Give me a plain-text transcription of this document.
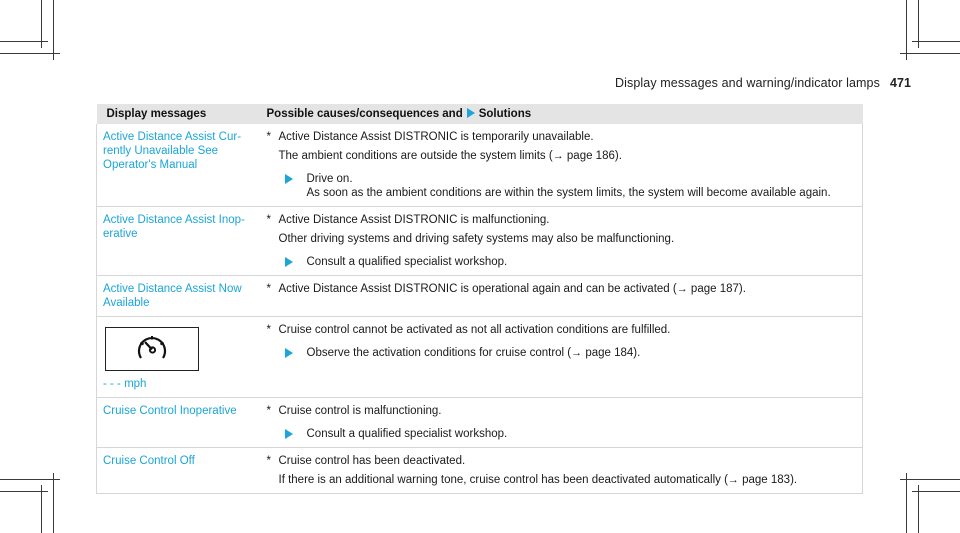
Display messages and warning/indicator lamps 471
Display messages	Possible causes/consequences and Solutions
Active Distance Assist Cur- rently Unavailable See Operator's Manual	* Active Distance Assist DISTRONIC is temporarily unavailable.
The ambient conditions are outside the system limits (→ page 186).
Drive on.
As soon as the ambient conditions are within the system limits, the system will become available again.

Active Distance Assist Inop- erative	* Active Distance Assist DISTRONIC is malfunctioning.
Other driving systems and driving safety systems may also be malfunctioning.
Consult a qualified specialist workshop.

Active Distance Assist Now Available	* Active Distance Assist DISTRONIC is operational again and can be activated (→ page 187).

- - - mph	* Cruise control cannot be activated as not all activation conditions are fulfilled.
Observe the activation conditions for cruise control (→ page 184).

Cruise Control Inoperative	* Cruise control is malfunctioning.
Consult a qualified specialist workshop.

Cruise Control Off	* Cruise control has been deactivated.
If there is an additional warning tone, cruise control has been deactivated automatically (→ page 183).
